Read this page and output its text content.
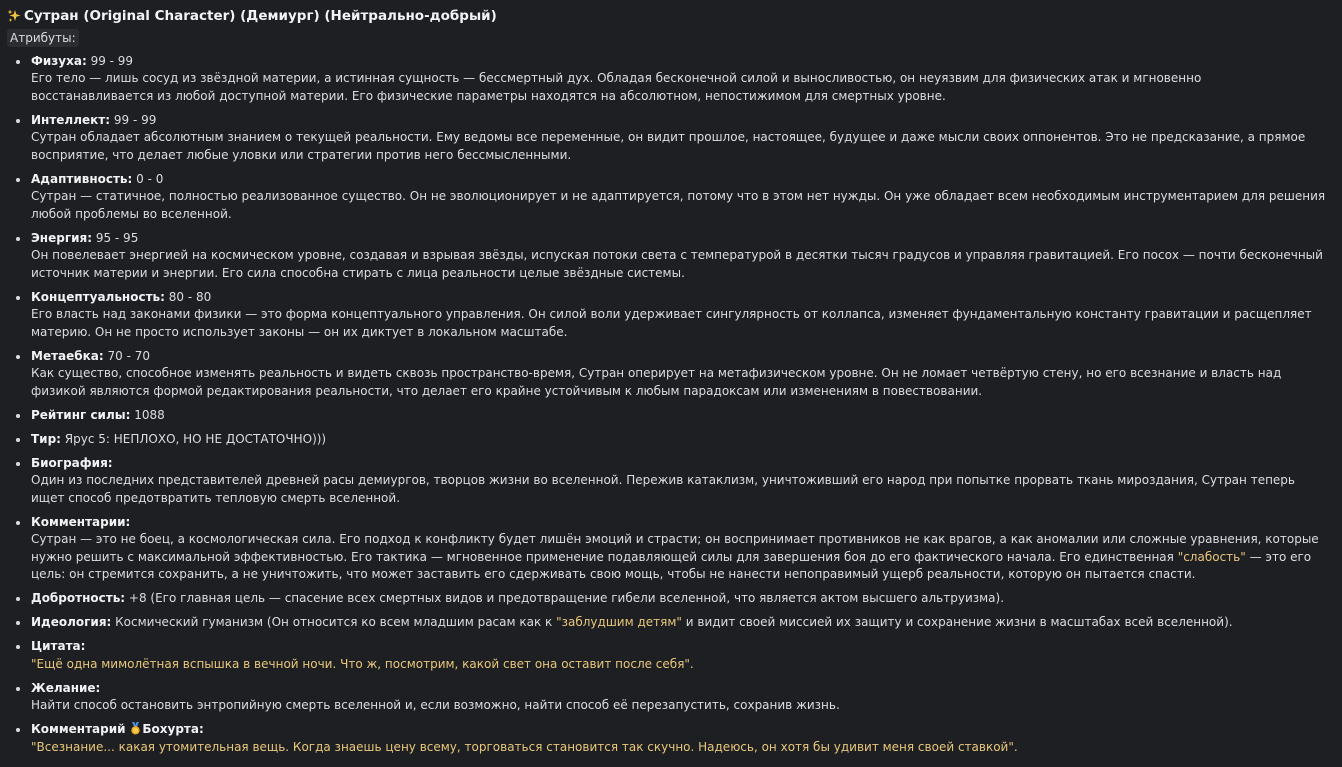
Сутран (Original Character) (Демиург) (Нейтрально-добрый)
Атрибуты:
Физуха: 99 - 99
Его тело — лишь сосуд из звёздной материи, а истинная сущность — бессмертный дух. Обладая бесконечной силой и выносливостью, он неуязвим для физических атак и мгновенно восстанавливается из любой доступной материи. Его физические параметры находятся на абсолютном, непостижимом для смертных уровне.
Интеллект: 99 - 99
Сутран обладает абсолютным знанием о текущей реальности. Ему ведомы все переменные, он видит прошлое, настоящее, будущее и даже мысли своих оппонентов. Это не предсказание, а прямое восприятие, что делает любые уловки или стратегии против него бессмысленными.
Адаптивность: 0 - 0
Сутран — статичное, полностью реализованное существо. Он не эволюционирует и не адаптируется, потому что в этом нет нужды. Он уже обладает всем необходимым инструментарием для решения любой проблемы во вселенной.
Энергия: 95 - 95
Он повелевает энергией на космическом уровне, создавая и взрывая звёзды, испуская потоки света с температурой в десятки тысяч градусов и управляя гравитацией. Его посох — почти бесконечный источник материи и энергии. Его сила способна стирать с лица реальности целые звёздные системы.
Концептуальность: 80 - 80
Его власть над законами физики — это форма концептуального управления. Он силой воли удерживает сингулярность от коллапса, изменяет фундаментальную константу гравитации и расщепляет материю. Он не просто использует законы — он их диктует в локальном масштабе.
Метаебка: 70 - 70
Как существо, способное изменять реальность и видеть сквозь пространство-время, Сутран оперирует на метафизическом уровне. Он не ломает четвёртую стену, но его всезнание и власть над физикой являются формой редактирования реальности, что делает его крайне устойчивым к любым парадоксам или изменениям в повествовании.
Рейтинг силы: 1088
Тир: Ярус 5: НЕПЛОХО, НО НЕ ДОСТАТОЧНО)))
Биография:
Один из последних представителей древней расы демиургов, творцов жизни во вселенной. Пережив катаклизм, уничтоживший его народ при попытке прорвать ткань мироздания, Сутран теперь ищет способ предотвратить тепловую смерть вселенной.
Комментарии:
Сутран — это не боец, а космологическая сила. Его подход к конфликту будет лишён эмоций и страсти; он воспринимает противников не как врагов, а как аномалии или сложные уравнения, которые нужно решить с максимальной эффективностью. Его тактика — мгновенное применение подавляющей силы для завершения боя до его фактического начала. Его единственная "слабость" — это его цель: он стремится сохранить, а не уничтожить, что может заставить его сдерживать свою мощь, чтобы не нанести непоправимый ущерб реальности, которую он пытается спасти.
Добротность: +8 (Его главная цель — спасение всех смертных видов и предотвращение гибели вселенной, что является актом высшего альтруизма).
Идеология: Космический гуманизм (Он относится ко всем младшим расам как к "заблудшим детям" и видит своей миссией их защиту и сохранение жизни в масштабах всей вселенной).
Цитата:
"Ещё одна мимолётная вспышка в вечной ночи. Что ж, посмотрим, какой свет она оставит после себя".
Желание:
Найти способ остановить энтропийную смерть вселенной и, если возможно, найти способ её перезапустить, сохранив жизнь.
Комментарий Бохурта:
"Всезнание... какая утомительная вещь. Когда знаешь цену всему, торговаться становится так скучно. Надеюсь, он хотя бы удивит меня своей ставкой".
